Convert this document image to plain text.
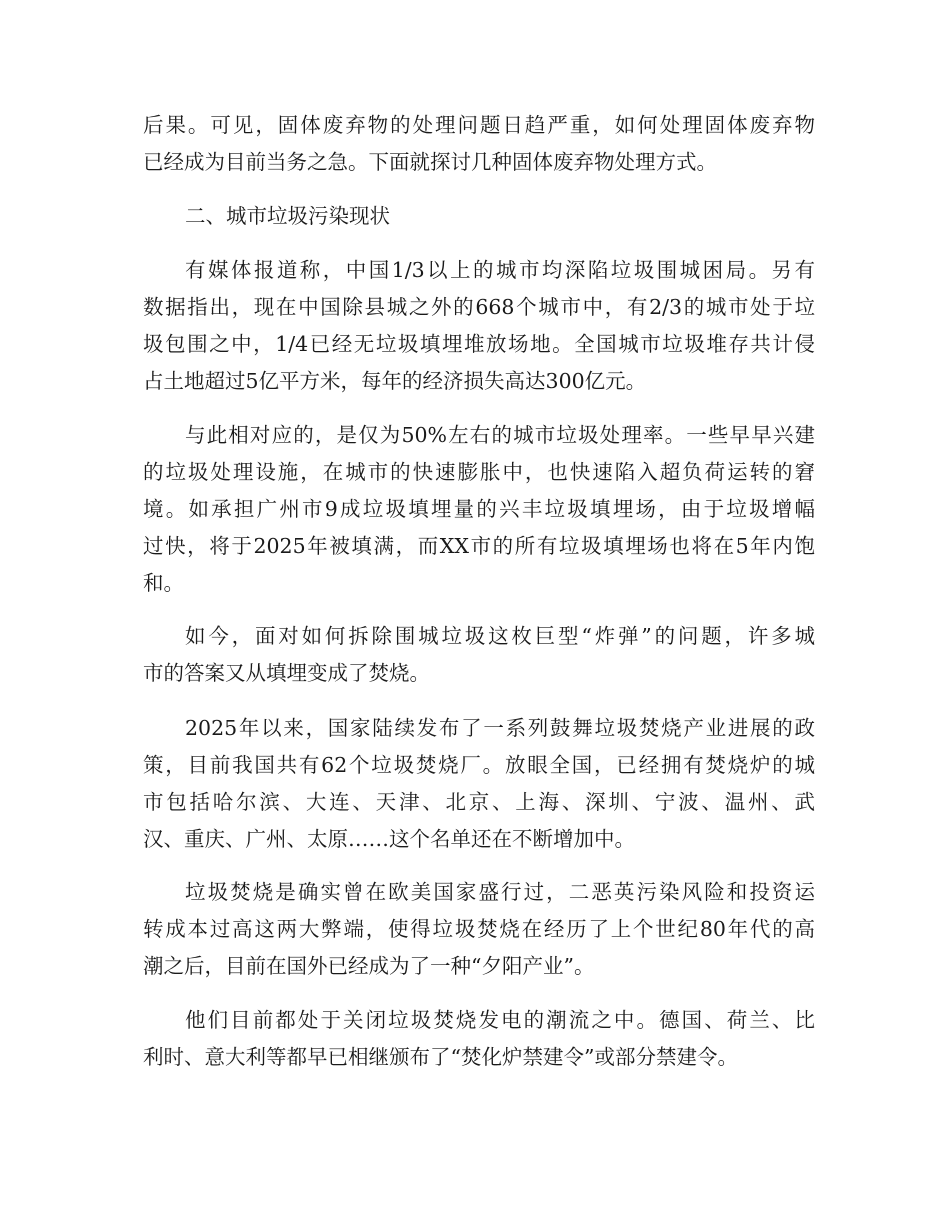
后果。可见，固体废弃物的处理问题日趋严重，如何处理固体废弃物
已经成为目前当务之急。下面就探讨几种固体废弃物处理方式。
二、城市垃圾污染现状
有媒体报道称，中国1/3以上的城市均深陷垃圾围城困局。另有
数据指出，现在中国除县城之外的668个城市中，有2/3的城市处于垃
圾包围之中，1/4已经无垃圾填埋堆放场地。全国城市垃圾堆存共计侵
占土地超过5亿平方米，每年的经济损失高达300亿元。
与此相对应的，是仅为50%左右的城市垃圾处理率。一些早早兴建
的垃圾处理设施，在城市的快速膨胀中，也快速陷入超负荷运转的窘
境。如承担广州市9成垃圾填埋量的兴丰垃圾填埋场，由于垃圾增幅
过快，将于2025年被填满，而XX市的所有垃圾填埋场也将在5年内饱
和。
如今，面对如何拆除围城垃圾这枚巨型“炸弹”的问题，许多城
市的答案又从填埋变成了焚烧。
2025年以来，国家陆续发布了一系列鼓舞垃圾焚烧产业进展的政
策，目前我国共有62个垃圾焚烧厂。放眼全国，已经拥有焚烧炉的城
市包括哈尔滨、大连、天津、北京、上海、深圳、宁波、温州、武
汉、重庆、广州、太原……这个名单还在不断增加中。
垃圾焚烧是确实曾在欧美国家盛行过，二恶英污染风险和投资运
转成本过高这两大弊端，使得垃圾焚烧在经历了上个世纪80年代的高
潮之后，目前在国外已经成为了一种“夕阳产业”。
他们目前都处于关闭垃圾焚烧发电的潮流之中。德国、荷兰、比
利时、意大利等都早已相继颁布了“焚化炉禁建令”或部分禁建令。
